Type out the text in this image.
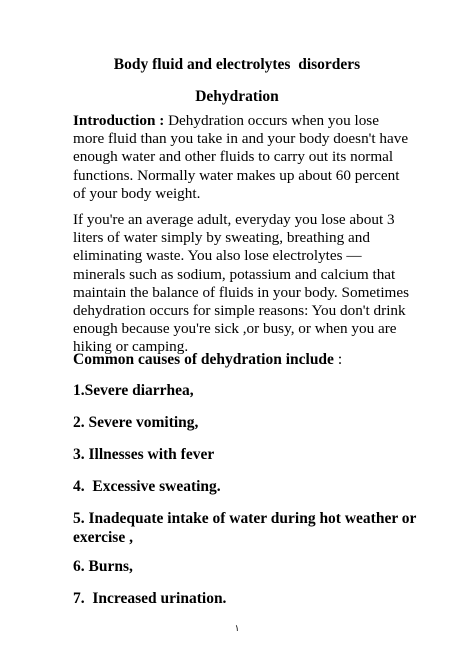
Body fluid and electrolytes  disorders
Dehydration
Introduction : Dehydration occurs when you lose more fluid than you take in and your body doesn't have enough water and other fluids to carry out its normal functions. Normally water makes up about 60 percent of your body weight.
If you're an average adult, everyday you lose about 3 liters of water simply by sweating, breathing and eliminating waste. You also lose electrolytes — minerals such as sodium, potassium and calcium that maintain the balance of fluids in your body. Sometimes dehydration occurs for simple reasons: You don't drink enough because you're sick ,or busy, or when you are hiking or camping.
Common causes of dehydration include :
1.Severe diarrhea,
2. Severe vomiting,
3. Illnesses with fever
4.  Excessive sweating.
5. Inadequate intake of water during hot weather or exercise ,
6. Burns,
7.  Increased urination.
١
